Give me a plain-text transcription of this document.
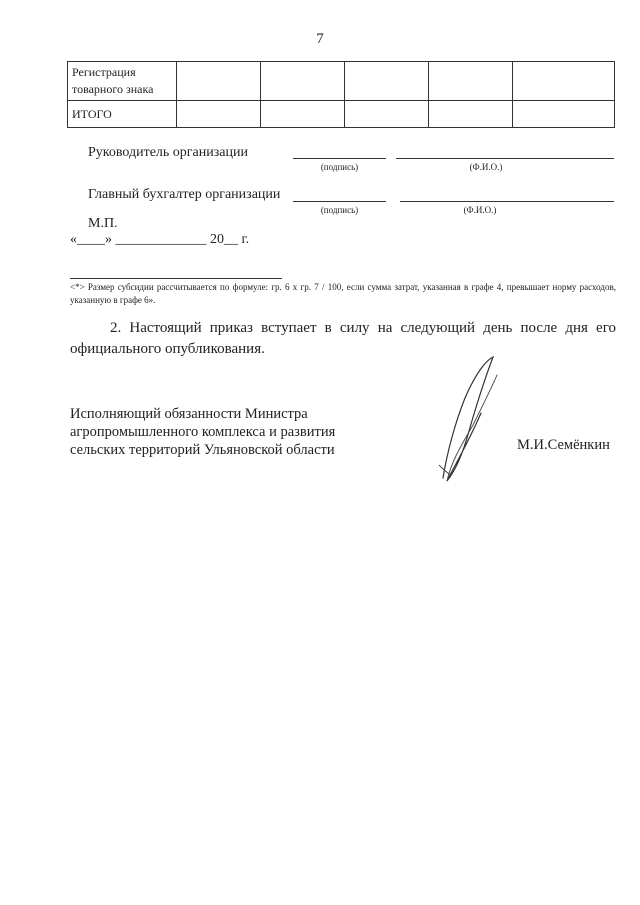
7
Регистрация товарного знака					
ИТОГО					
Руководитель организации
(подпись)	(Ф.И.О.)
Главный бухгалтер организации
(подпись)	(Ф.И.О.)
М.П.
«____» _____________ 20__ г.
<*> Размер субсидии рассчитывается по формуле: гр. 6 х гр. 7 / 100, если сумма затрат, указанная в графе 4, превышает норму расходов, указанную в графе 6».
2. Настоящий приказ вступает в силу на следующий день после дня его официального опубликования.
Исполняющий обязанности Министра
агропромышленного комплекса и развития
сельских территорий Ульяновской области	М.И.Семёнкин
